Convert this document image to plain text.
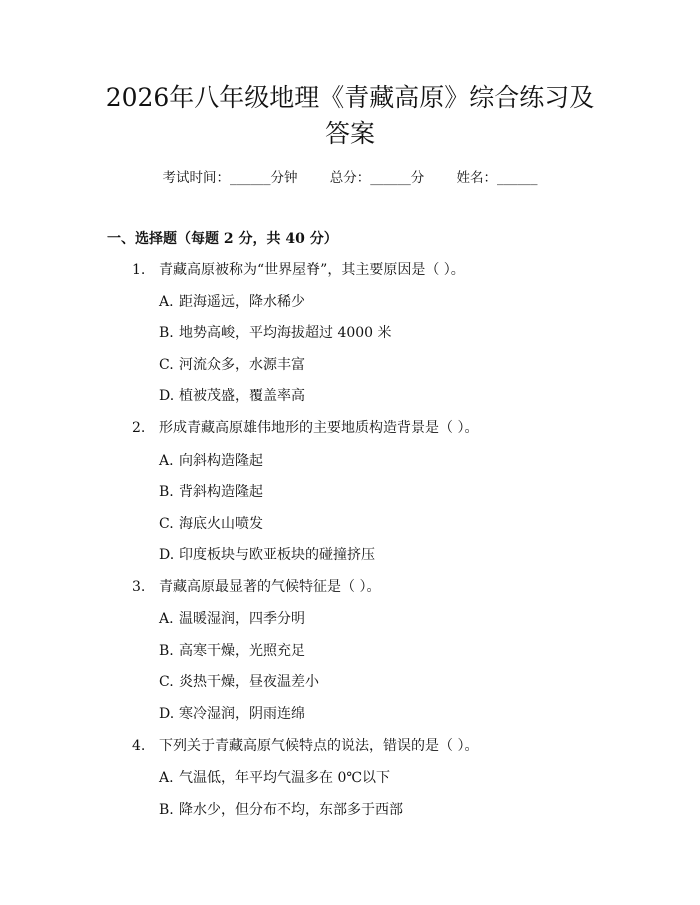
2026年八年级地理《青藏高原》综合练习及
答案
考试时间：______分钟 总分：______分 姓名：______
一、选择题（每题 2 分，共 40 分）
1. 青藏高原被称为“世界屋脊”，其主要原因是（ ）。
A. 距海遥远，降水稀少
B. 地势高峻，平均海拔超过 4000 米
C. 河流众多，水源丰富
D. 植被茂盛，覆盖率高
2. 形成青藏高原雄伟地形的主要地质构造背景是（ ）。
A. 向斜构造隆起
B. 背斜构造隆起
C. 海底火山喷发
D. 印度板块与欧亚板块的碰撞挤压
3. 青藏高原最显著的气候特征是（ ）。
A. 温暖湿润，四季分明
B. 高寒干燥，光照充足
C. 炎热干燥，昼夜温差小
D. 寒冷湿润，阴雨连绵
4. 下列关于青藏高原气候特点的说法，错误的是（ ）。
A. 气温低，年平均气温多在 0℃以下
B. 降水少，但分布不均，东部多于西部
